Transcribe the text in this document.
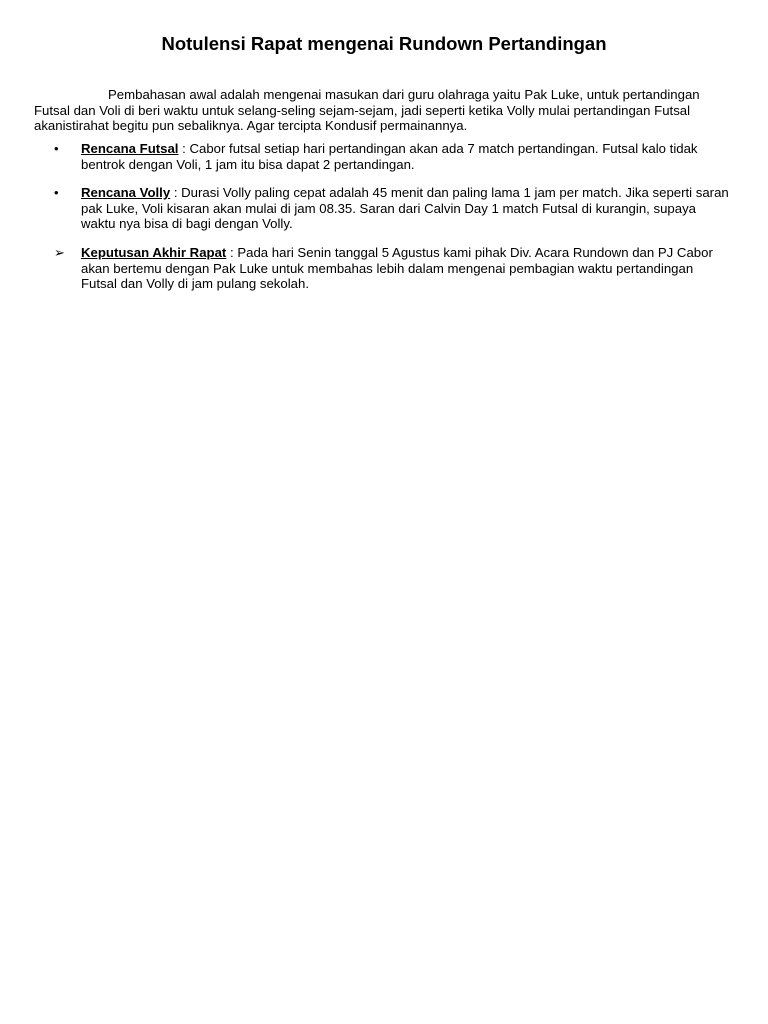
Notulensi Rapat mengenai Rundown Pertandingan

Pembahasan awal adalah mengenai masukan dari guru olahraga yaitu Pak Luke, untuk pertandingan Futsal dan Voli di beri waktu untuk selang-seling sejam-sejam, jadi seperti ketika Volly mulai pertandingan Futsal akanistirahat begitu pun sebaliknya. Agar tercipta Kondusif permainannya.

•	Rencana Futsal : Cabor futsal setiap hari pertandingan akan ada 7 match pertandingan. Futsal kalo tidak bentrok dengan Voli, 1 jam itu bisa dapat 2 pertandingan.
•	Rencana Volly : Durasi Volly paling cepat adalah 45 menit dan paling lama 1 jam per match. Jika seperti saran pak Luke, Voli kisaran akan mulai di jam 08.35. Saran dari Calvin Day 1 match Futsal di kurangin, supaya waktu nya bisa di bagi dengan Volly.
➢	Keputusan Akhir Rapat : Pada hari Senin tanggal 5 Agustus kami pihak Div. Acara Rundown dan PJ Cabor akan bertemu dengan Pak Luke untuk membahas lebih dalam mengenai pembagian waktu pertandingan Futsal dan Volly di jam pulang sekolah.
